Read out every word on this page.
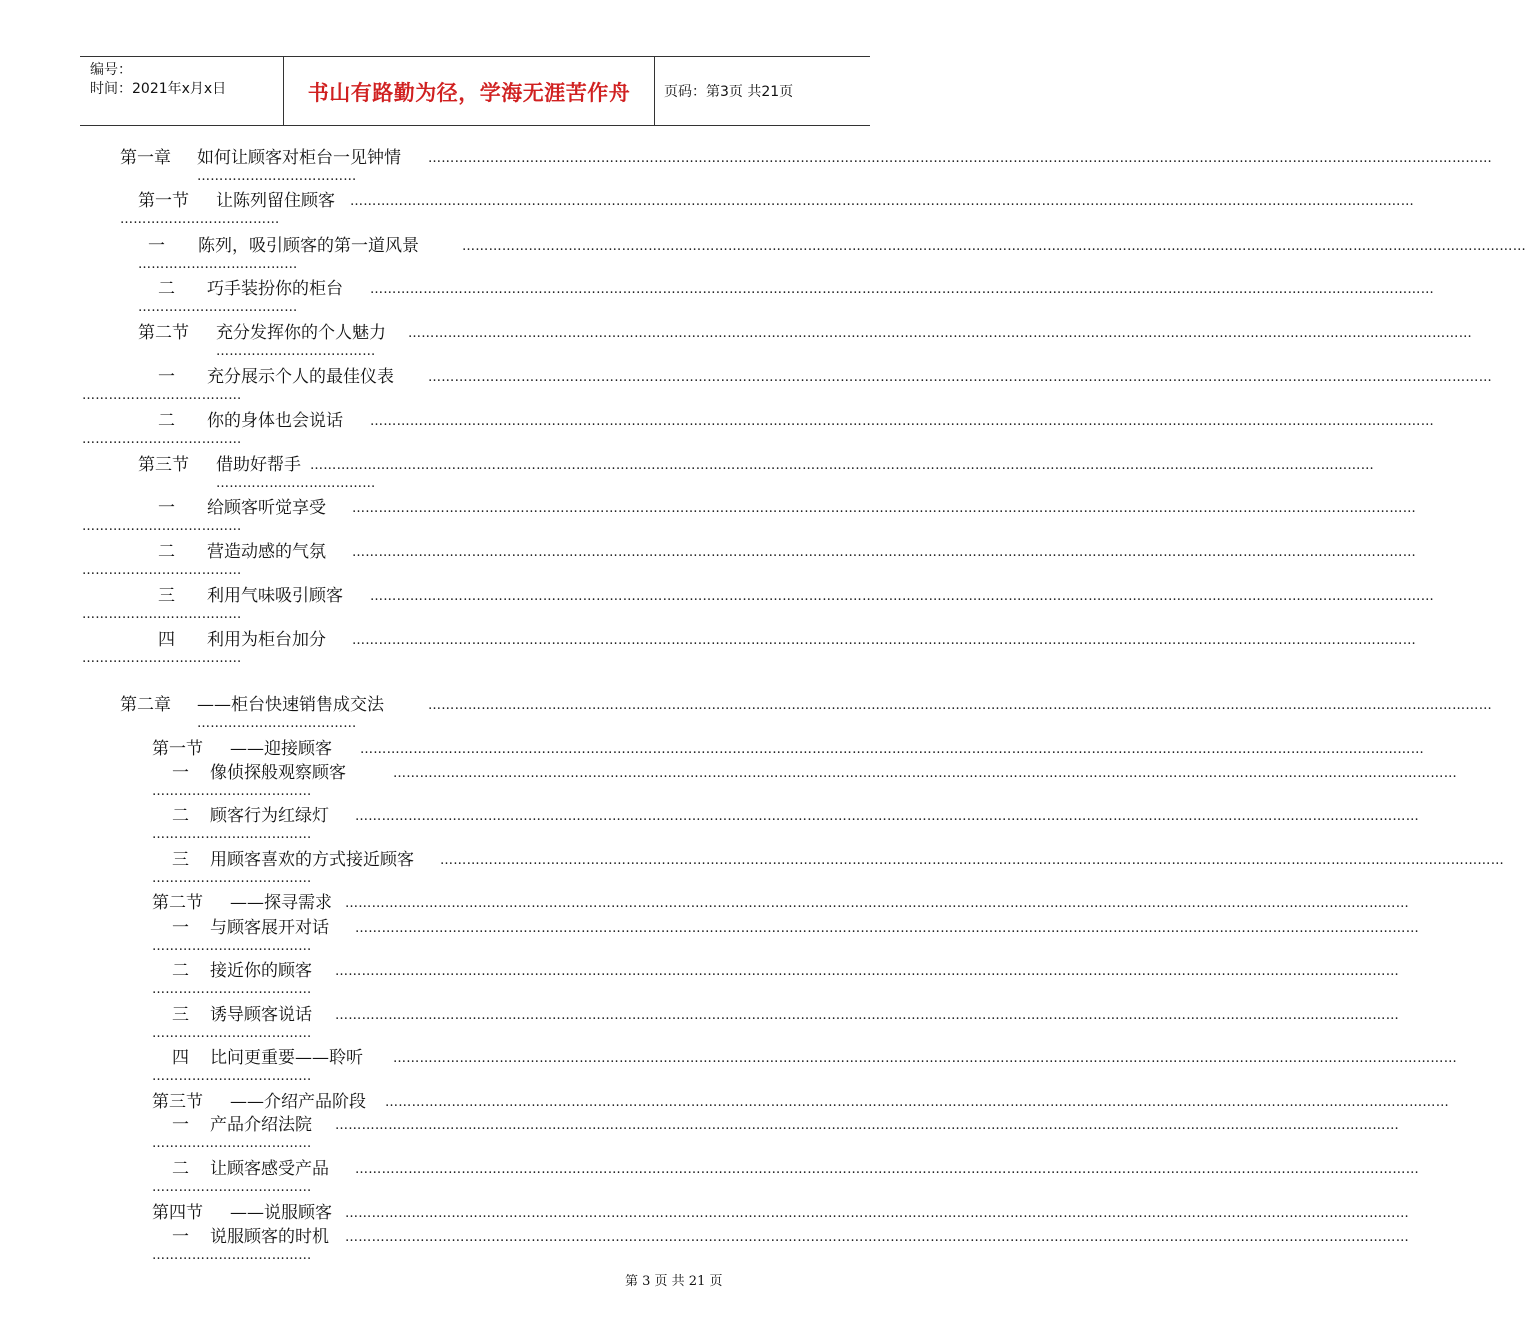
编号：
时间：2021年x月x日	书山有路勤为径，学海无涯苦作舟	页码：第3页 共21页
第一章 如何让顾客对柜台一见钟情 ……………………………………………………………………………………………………………………………………………………………………………………………………………………
………………………………
第一节 让陈列留住顾客 ……………………………………………………………………………………………………………………………………………………………………………………………………………………
………………………………
一 陈列，吸引顾客的第一道风景	……………………………………………………………………………………………………………………………………………………………………………………………………………………
………………………………
二 巧手装扮你的柜台 ……………………………………………………………………………………………………………………………………………………………………………………………………………………
………………………………
第二节 充分发挥你的个人魅力 ……………………………………………………………………………………………………………………………………………………………………………………………………………………
………………………………
一 充分展示个人的最佳仪表	……………………………………………………………………………………………………………………………………………………………………………………………………………………
………………………………
二 你的身体也会说话 ……………………………………………………………………………………………………………………………………………………………………………………………………………………
………………………………
第三节 借助好帮手 ……………………………………………………………………………………………………………………………………………………………………………………………………………………
………………………………
一 给顾客听觉享受 ……………………………………………………………………………………………………………………………………………………………………………………………………………………
………………………………
二 营造动感的气氛 ……………………………………………………………………………………………………………………………………………………………………………………………………………………
………………………………
三 利用气味吸引顾客 ……………………………………………………………………………………………………………………………………………………………………………………………………………………
………………………………
四 利用为柜台加分 ……………………………………………………………………………………………………………………………………………………………………………………………………………………
………………………………
第二章 ——柜台快速销售成交法	……………………………………………………………………………………………………………………………………………………………………………………………………………………
………………………………
第一节 ——迎接顾客 ……………………………………………………………………………………………………………………………………………………………………………………………………………………
一 像侦探般观察顾客	……………………………………………………………………………………………………………………………………………………………………………………………………………………
………………………………
二 顾客行为红绿灯 ……………………………………………………………………………………………………………………………………………………………………………………………………………………
………………………………
三 用顾客喜欢的方式接近顾客 ……………………………………………………………………………………………………………………………………………………………………………………………………………………
………………………………
第二节 ——探寻需求 ……………………………………………………………………………………………………………………………………………………………………………………………………………………
一 与顾客展开对话 ……………………………………………………………………………………………………………………………………………………………………………………………………………………
………………………………
二 接近你的顾客 ……………………………………………………………………………………………………………………………………………………………………………………………………………………
………………………………
三 诱导顾客说话 ……………………………………………………………………………………………………………………………………………………………………………………………………………………
………………………………
四 比问更重要——聆听 ……………………………………………………………………………………………………………………………………………………………………………………………………………………
………………………………
第三节 ——介绍产品阶段 ……………………………………………………………………………………………………………………………………………………………………………………………………………………
一 产品介绍法院 ……………………………………………………………………………………………………………………………………………………………………………………………………………………
………………………………
二 让顾客感受产品 ……………………………………………………………………………………………………………………………………………………………………………………………………………………
………………………………
第四节 ——说服顾客 ……………………………………………………………………………………………………………………………………………………………………………………………………………………
一 说服顾客的时机 ……………………………………………………………………………………………………………………………………………………………………………………………………………………
………………………………
第 3 页 共 21 页
